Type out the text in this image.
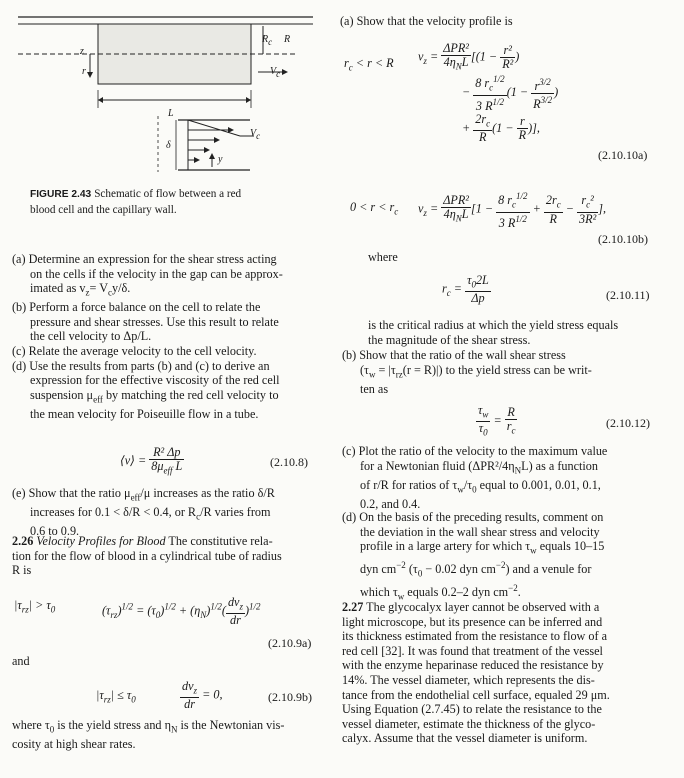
z
r
$R_c$ R
$V_c$
L
$V_c$
δ
y
FIGURE 2.43 Schematic of flow between a red
blood cell and the capillary wall.
(a) Determine an expression for the shear stress acting
on the cells if the velocity in the gap can be approx-
imated as $v_z= V_cy/\delta$.
(b) Perform a force balance on the cell to relate the
pressure and shear stresses. Use this result to relate
the cell velocity to Δp/L.
(c) Relate the average velocity to the cell velocity.
(d) Use the results from parts (b) and (c) to derive an
expression for the effective viscosity of the red cell
suspension $\mu_{eff}$ by matching the red cell velocity to
the mean velocity for Poiseuille flow in a tube.
⟨v⟩ = $\frac{\text{R² Δp}}{8\mu_{eff} L}$	(2.10.8)
(e) Show that the ratio $\mu_{eff}/\mu$ increases as the ratio δ/R
increases for 0.1 < δ/R < 0.4, or $R_c/R$ varies from
0.6 to 0.9.
2.26 Velocity Profiles for Blood The constitutive rela-
tion for the flow of blood in a cylindrical tube of radius
R is
$|\tau_{rz}| > \tau_0$	$(\tau_{rz})^{1/2} = (\tau_0)^{1/2} + (\eta_N)^{1/2}( \frac{dv_z}{dr} )^{1/2}$
(2.10.9a)
and
$|\tau_{rz}| \le \tau_0$	$\frac{dv_z}{dr} = 0$,	(2.10.9b)
where $\tau_0$ is the yield stress and $\eta_N$ is the Newtonian vis-
cosity at high shear rates.
(a) Show that the velocity profile is
$r_c < r < R$ $v_z = \frac{\text{ΔPR²}}{4\eta_NL} [(1 - \frac{\text{r²}}{\text{R²}}$ )
− $\frac{8 r_c^{1/2}}{3 R^{1/2}} (1 - \frac{r^{3/2}}{R^{3/2}}$ )
+ $\frac{2r_c}{R} (1 - \frac{r}{R}$ )],
(2.10.10a)
$0 < r < r_c$ $v_z = \frac{\text{ΔPR²}}{4\eta_NL} [1 - \frac{8 r_c^{1/2}}{3 R^{1/2}} + \frac{2r_c}{R} - \frac{r_c^2}{\text{3R²}}$ ],
(2.10.10b)
where
$r_c = \frac{\tau_02L}{\Delta p}$	(2.10.11)
is the critical radius at which the yield stress equals
the magnitude of the shear stress.
(b) Show that the ratio of the wall shear stress
$(\tau_w = |\tau_{rz}(r = R)|)$ to the yield stress can be writ-
ten as
$\frac{\tau_w}{\tau_0} = \frac{R}{r_c}$	(2.10.12)
(c) Plot the ratio of the velocity to the maximum value
for a Newtonian fluid $(\Delta PR^2/4\eta_NL)$ as a function
of r/R for ratios of $\tau_w/\tau_0$ equal to 0.001, 0.01, 0.1,
0.2, and 0.4.
(d) On the basis of the preceding results, comment on
the deviation in the wall shear stress and velocity
profile in a large artery for which $\tau_w$ equals 10–15
dyn $cm^{-2}$ ($\tau_0 - 0.02$ dyn $cm^{-2}$) and a venule for
which $\tau_w$ equals 0.2–2 dyn $cm^{-2}$.
2.27 The glycocalyx layer cannot be observed with a
light microscope, but its presence can be inferred and
its thickness estimated from the resistance to flow of a
red cell [32]. It was found that treatment of the vessel
with the enzyme heparinase reduced the resistance by
14%. The vessel diameter, which represents the dis-
tance from the endothelial cell surface, equaled 29 μm.
Using Equation (2.7.45) to relate the resistance to the
vessel diameter, estimate the thickness of the glyco-
calyx. Assume that the vessel diameter is uniform.
